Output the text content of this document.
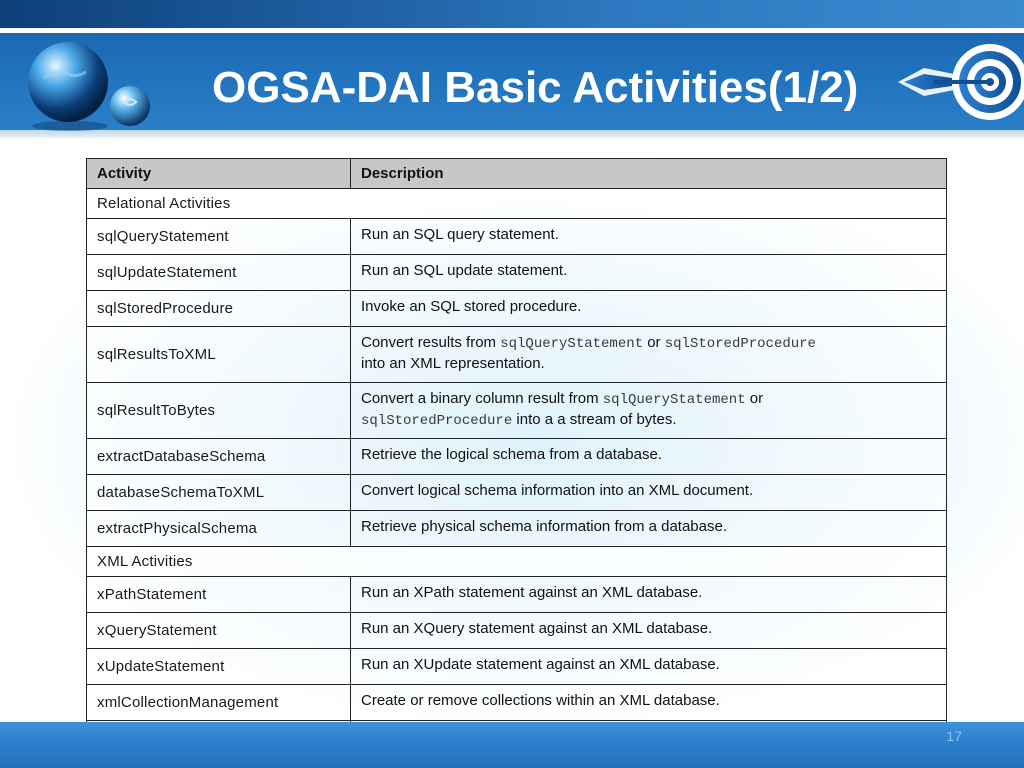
OGSA-DAI Basic Activities(1/2)
Activity	Description
Relational Activities	
sqlQueryStatement	Run an SQL query statement.
sqlUpdateStatement	Run an SQL update statement.
sqlStoredProcedure	Invoke an SQL stored procedure.
sqlResultsToXML	Convert results from sqlQueryStatement or sqlStoredProcedure
into an XML representation.
sqlResultToBytes	Convert a binary column result from sqlQueryStatement or
sqlStoredProcedure into a a stream of bytes.
extractDatabaseSchema	Retrieve the logical schema from a database.
databaseSchemaToXML	Convert logical schema information into an XML document.
extractPhysicalSchema	Retrieve physical schema information from a database.
XML Activities	
xPathStatement	Run an XPath statement against an XML database.
xQueryStatement	Run an XQuery statement against an XML database.
xUpdateStatement	Run an XUpdate statement against an XML database.
xmlCollectionManagement	Create or remove collections within an XML database.

17
